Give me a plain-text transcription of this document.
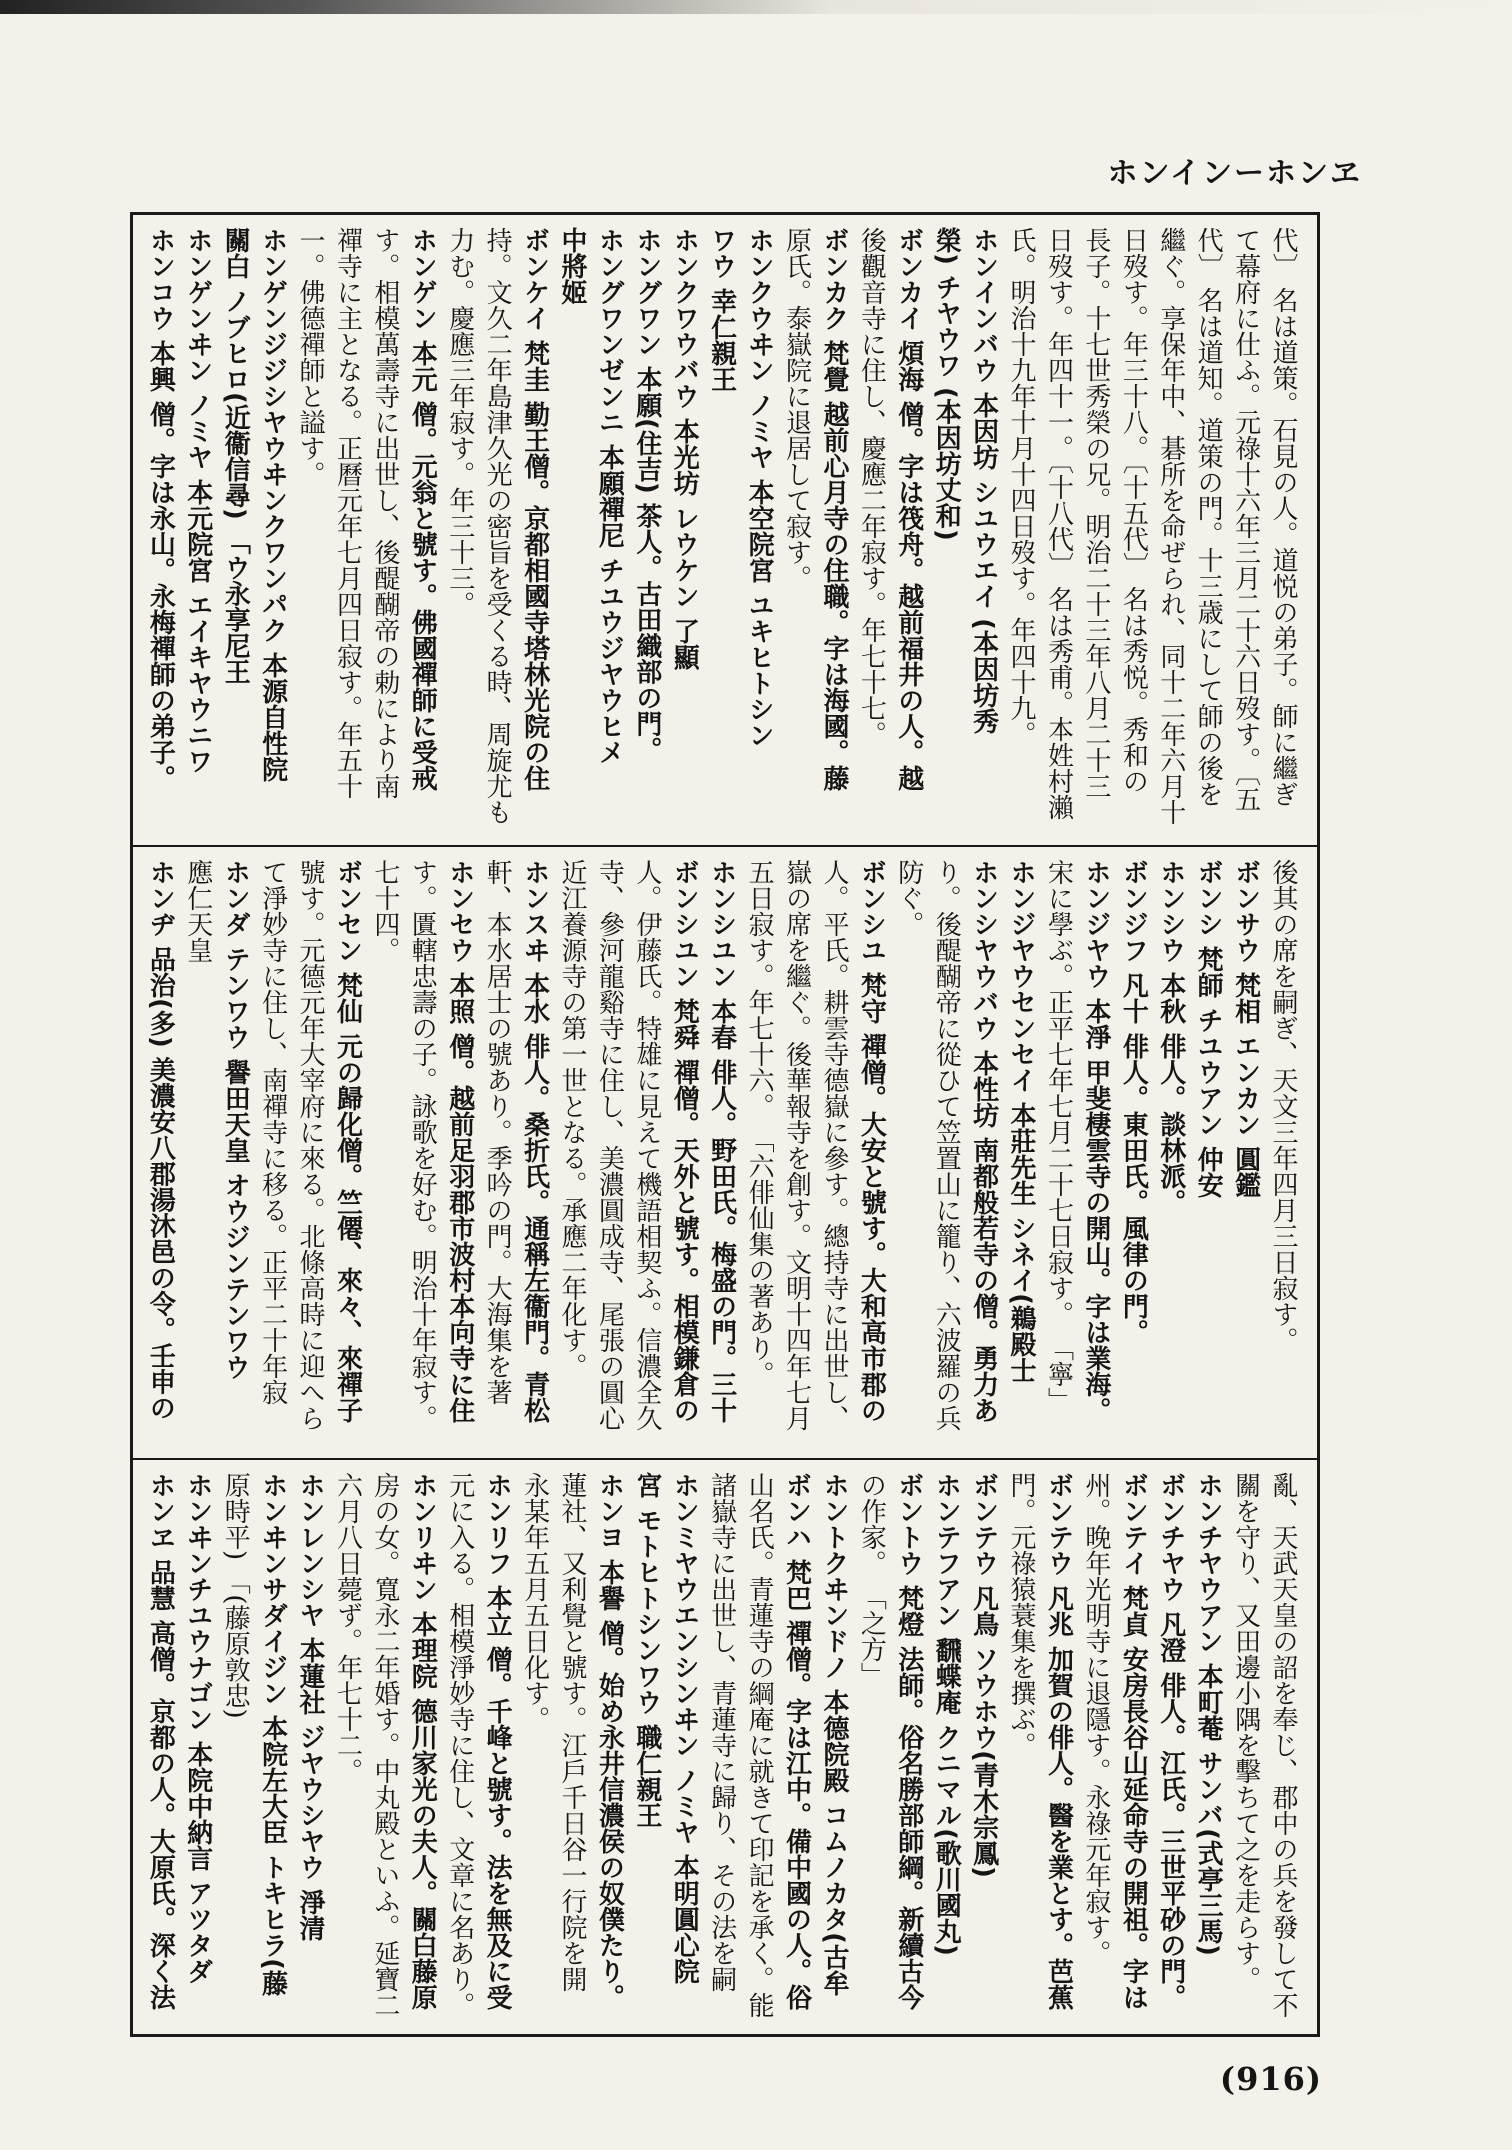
ホンインーホンヱ
代〕 名は道策。石見の人。道悦の弟子。師に繼ぎ
て幕府に仕ふ。元祿十六年三月二十六日歿す。〔五
代〕 名は道知。道策の門。十三歳にして師の後を
繼ぐ。享保年中、碁所を命ぜられ、同十二年六月十
日歿す。年三十八。〔十五代〕 名は秀悦。秀和の
長子。十七世秀榮の兄。明治二十三年八月二十三
日歿す。年四十一。〔十八代〕 名は秀甫。本姓村瀨
氏。明治十九年十月十四日歿す。年四十九。
ホンインバウ 本因坊 シユウエイ (本因坊秀
榮) チヤウワ (本因坊丈和)
ボンカイ 煩海 僧。字は筏舟。越前福井の人。越
後觀音寺に住し、慶應二年寂す。年七十七。
ボンカク 梵覺 越前心月寺の住職。字は海國。藤
原氏。泰嶽院に退居して寂す。
ホンクウヰン ノミヤ 本空院宮 ユキヒトシン
ワウ 幸仁親王
ホンクワウバウ 本光坊 レウケン 了顯
ホングワン 本願(住吉) 茶人。古田織部の門。
ホングワンゼンニ 本願禪尼 チユウジヤウヒメ
中將姬
ボンケイ 梵圭 勤王僧。京都相國寺塔林光院の住
持。文久二年島津久光の密旨を受くる時、周旋尤も
力む。慶應三年寂す。年三十三。
ホンゲン 本元 僧。元翁と號す。佛國禪師に受戒
す。相模萬壽寺に出世し、後醍醐帝の勅により南
禪寺に主となる。正曆元年七月四日寂す。年五十
一。佛德禪師と謚す。
ホンゲンジジシヤウヰンクワンパク 本源自性院
關白 ノブヒロ(近衞信尋) 「ウ永享尼王
ホンゲンヰン ノミヤ 本元院宮 エイキヤウニワ
ホンコウ 本興 僧。字は永山。永梅禪師の弟子。
後其の席を嗣ぎ、天文三年四月三日寂す。
ボンサウ 梵相 エンカン 圓鑑
ボンシ 梵師 チユウアン 仲安
ホンシウ 本秋 俳人。談林派。
ボンジフ 凡十 俳人。東田氏。風律の門。
ホンジヤウ 本淨 甲斐棲雲寺の開山。字は業海。
宋に學ぶ。正平七年七月二十七日寂す。 「寧」
ホンジヤウセンセイ 本莊先生 シネイ(鵜殿士
ホンシヤウバウ 本性坊 南都般若寺の僧。勇力あ
り。後醍醐帝に從ひて笠置山に籠り、六波羅の兵
防ぐ。
ボンシユ 梵守 禪僧。大安と號す。大和高市郡の
人。平氏。耕雲寺德嶽に參す。總持寺に出世し、
嶽の席を繼ぐ。後華報寺を創す。文明十四年七月
五日寂す。年七十六。 「六俳仙集の著あり。
ホンシユン 本春 俳人。野田氏。梅盛の門。三十
ボンシユン 梵舜 禪僧。天外と號す。相模鎌倉の
人。伊藤氏。特雄に見えて機語相契ふ。信濃全久
寺、參河龍谿寺に住し、美濃圓成寺、尾張の圓心
近江養源寺の第一世となる。承應二年化す。
ホンスヰ 本水 俳人。桑折氏。通稱左衞門。青松
軒、本水居士の號あり。季吟の門。大海集を著
ホンセウ 本照 僧。越前足羽郡市波村本向寺に住
す。匱轄忠壽の子。詠歌を好む。明治十年寂す。
七十四。
ボンセン 梵仙 元の歸化僧。竺僊、來々、來禪子
號す。元德元年大宰府に來る。北條高時に迎へら
て淨妙寺に住し、南禪寺に移る。正平二十年寂
ホンダ テンワウ 譽田天皇 オウジンテンワウ
應仁天皇
ホンヂ 品治(多) 美濃安八郡湯沐邑の令。壬申の
亂、天武天皇の詔を奉じ、郡中の兵を發して不
關を守り、又田邊小隅を擊ちて之を走らす。
ホンチヤウアン 本町菴 サンバ(式亭三馬)
ボンチヤウ 凡澄 俳人。江氏。三世平砂の門。
ボンテイ 梵貞 安房長谷山延命寺の開祖。字は
州。晚年光明寺に退隱す。永祿元年寂す。
ボンテウ 凡兆 加賀の俳人。醫を業とす。芭蕉
門。元祿猿蓑集を撰ぶ。
ボンテウ 凡鳥 ソウホウ(青木宗鳳)
ホンテフアン 飜蝶庵 クニマル(歌川國丸)
ボントウ 梵燈 法師。俗名勝部師綱。新續古今
の作家。 「之方」
ホントクヰンドノ 本德院殿 コムノカタ(古牟
ボンハ 梵巴 禪僧。字は江中。備中國の人。俗
山名氏。青蓮寺の綱庵に就きて印記を承く。能
諸嶽寺に出世し、青蓮寺に歸り、その法を嗣
ホンミヤウエンシンヰン ノミヤ 本明圓心院
宮 モトヒトシンワウ 職仁親王
ホンヨ 本譽 僧。始め永井信濃侯の奴僕たり。
蓮社、又利覺と號す。江戶千日谷一行院を開
永某年五月五日化す。
ホンリフ 本立 僧。千峰と號す。法を無及に受
元に入る。相模淨妙寺に住し、文章に名あり。
ホンリヰン 本理院 德川家光の夫人。關白藤原
房の女。寬永二年婚す。中丸殿といふ。延寶二
六月八日薨ず。年七十二。
ホンレンシヤ 本蓮社 ジヤウシヤウ 淨清
ホンヰンサダイジン 本院左大臣 トキヒラ(藤
原時平) 「(藤原敦忠)
ホンヰンチユウナゴン 本院中納言 アツタダ
ホンヱ 品慧 高僧。京都の人。大原氏。深く法
(916)
